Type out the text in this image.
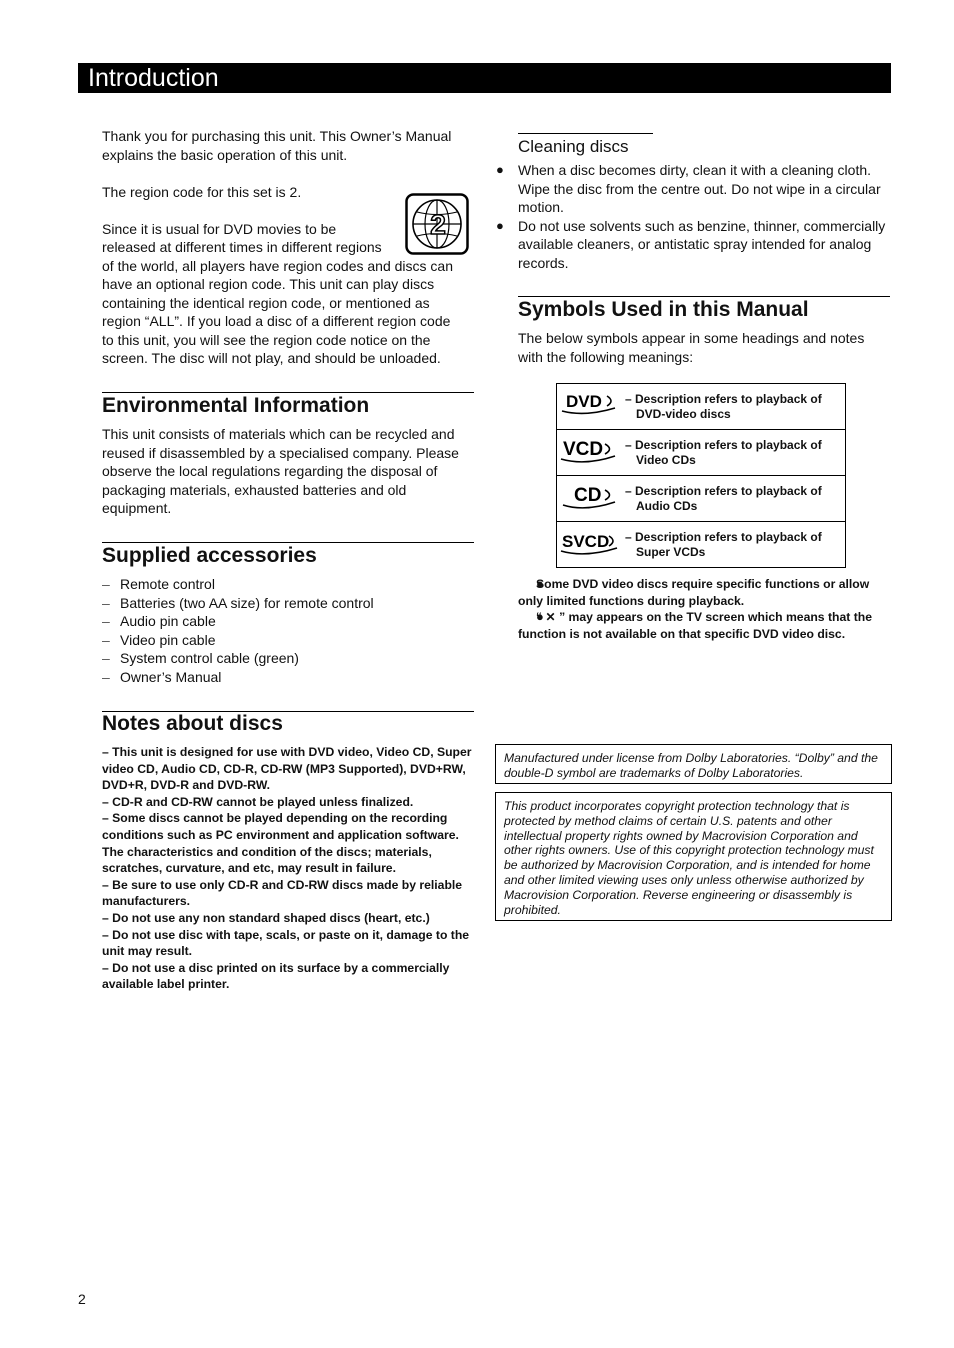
Introduction

Thank you for purchasing this unit. This Owner’s Manual explains the basic operation of this unit.

The region code for this set is 2.

Since it is usual for DVD movies to be
released at different times in different regions
of the world, all players have region codes and discs can
have an optional region code. This unit can play discs
containing the identical region code, or mentioned as
region “ALL”. If you load a disc of a different region code
to this unit, you will see the region code notice on the
screen. The disc will not play, and should be unloaded.
2
Environmental Information

This unit consists of materials which can be recycled and reused if disassembled by a specialised company. Please observe the local regulations regarding the disposal of packaging materials, exhausted batteries and old equipment.

Supplied accessories
– Remote control
– Batteries (two AA size) for remote control
– Audio pin cable
– Video pin cable
– System control cable (green)
– Owner’s Manual
Notes about discs

– This unit is designed for use with DVD video, Video CD, Super video CD, Audio CD, CD-R, CD-RW (MP3 Supported), DVD+RW, DVD+R, DVD-R and DVD-RW.

– CD-R and CD-RW cannot be played unless finalized.

– Some discs cannot be played depending on the recording conditions such as PC environment and application software. The characteristics and condition of the discs; materials, scratches, curvature, and etc, may result in failure.

– Be sure to use only CD-R and CD-RW discs made by reliable manufacturers.

– Do not use any non standard shaped discs (heart, etc.)

– Do not use disc with tape, scals, or paste on it, damage to the unit may result.

– Do not use a disc printed on its surface by a commercially available label printer.

Cleaning discs
● When a disc becomes dirty, clean it with a cleaning cloth. Wipe the disc from the centre out. Do not wipe in a circular motion.
● Do not use solvents such as benzine, thinner, commercially available cleaners, or antistatic spray intended for analog records.
Symbols Used in this Manual

The below symbols appear in some headings and notes with the following meanings:

DVD	– Description refers to playback of
DVD-video discs

VCD	– Description refers to playback of
Video CDs

CD	– Description refers to playback of
Audio CDs

SVCD	– Description refers to playback of
Super VCDs
● Some DVD video discs require specific functions or allow only limited functions during playback.
● “ ✕ ” may appears on the TV screen which means that the function is not available on that specific DVD video disc.
Manufactured under license from Dolby Laboratories. “Dolby” and the double-D symbol are trademarks of Dolby Laboratories.
This product incorporates copyright protection technology that is protected by method claims of certain U.S. patents and other intellectual property rights owned by Macrovision Corporation and other rights owners. Use of this copyright protection technology must be authorized by Macrovision Corporation, and is intended for home and other limited viewing uses only unless otherwise authorized by Macrovision Corporation. Reverse engineering or disassembly is prohibited.
2
